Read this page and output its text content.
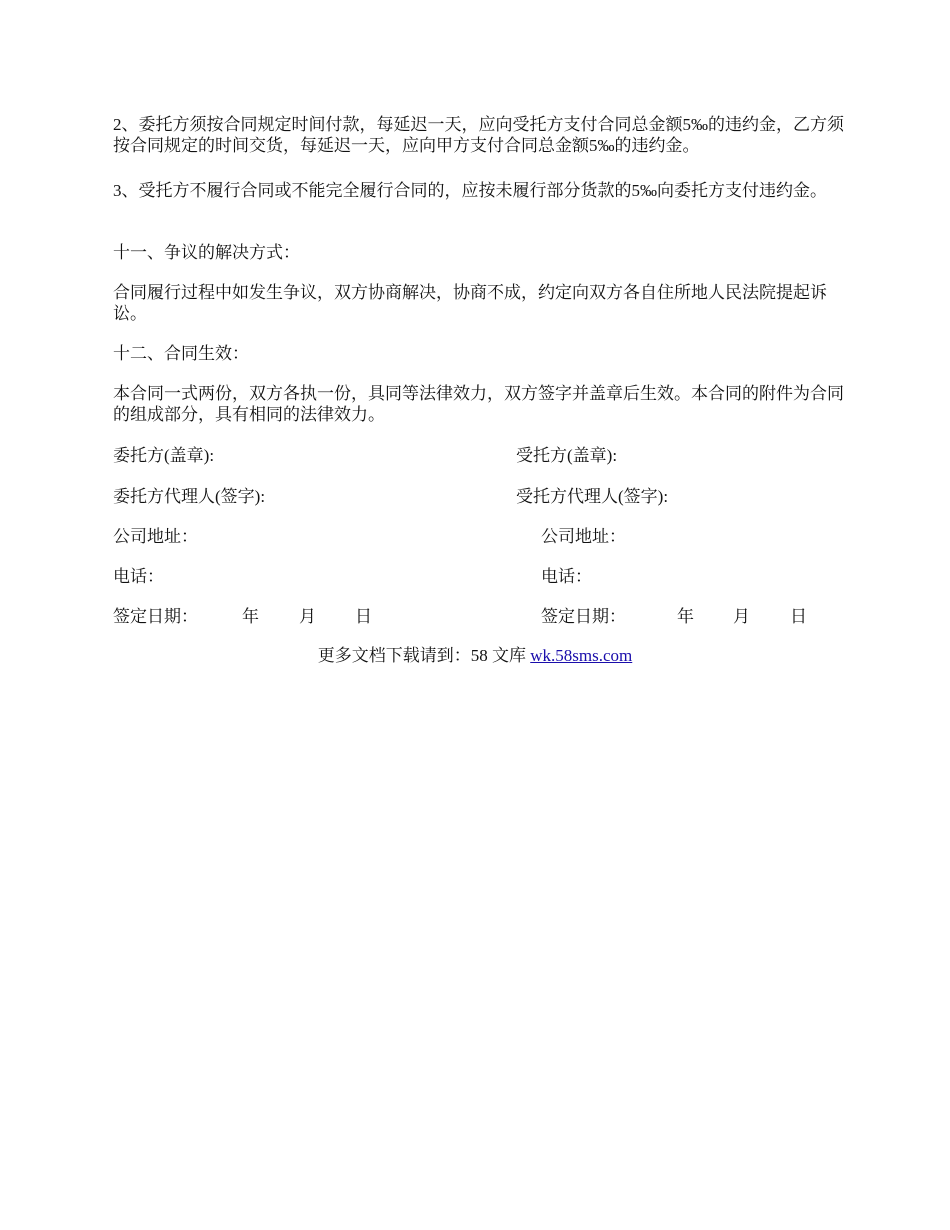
2、委托方须按合同规定时间付款，每延迟一天，应向受托方支付合同总金额5‰的违约金，乙方须按合同规定的时间交货，每延迟一天，应向甲方支付合同总金额5‰的违约金。

3、受托方不履行合同或不能完全履行合同的，应按未履行部分货款的5‰向委托方支付违约金。

十一、争议的解决方式：

合同履行过程中如发生争议，双方协商解决，协商不成，约定向双方各自住所地人民法院提起诉讼。

十二、合同生效：

本合同一式两份，双方各执一份，具同等法律效力，双方签字并盖章后生效。本合同的附件为合同的组成部分，具有相同的法律效力。

委托方(盖章):
委托方代理人(签字):
公司地址：
电话：
签定日期：	年 月 日
受托方(盖章):
受托方代理人(签字):
公司地址：
电话：
签定日期：	年 月 日
更多文档下载请到：58 文库 wk.58sms.com
